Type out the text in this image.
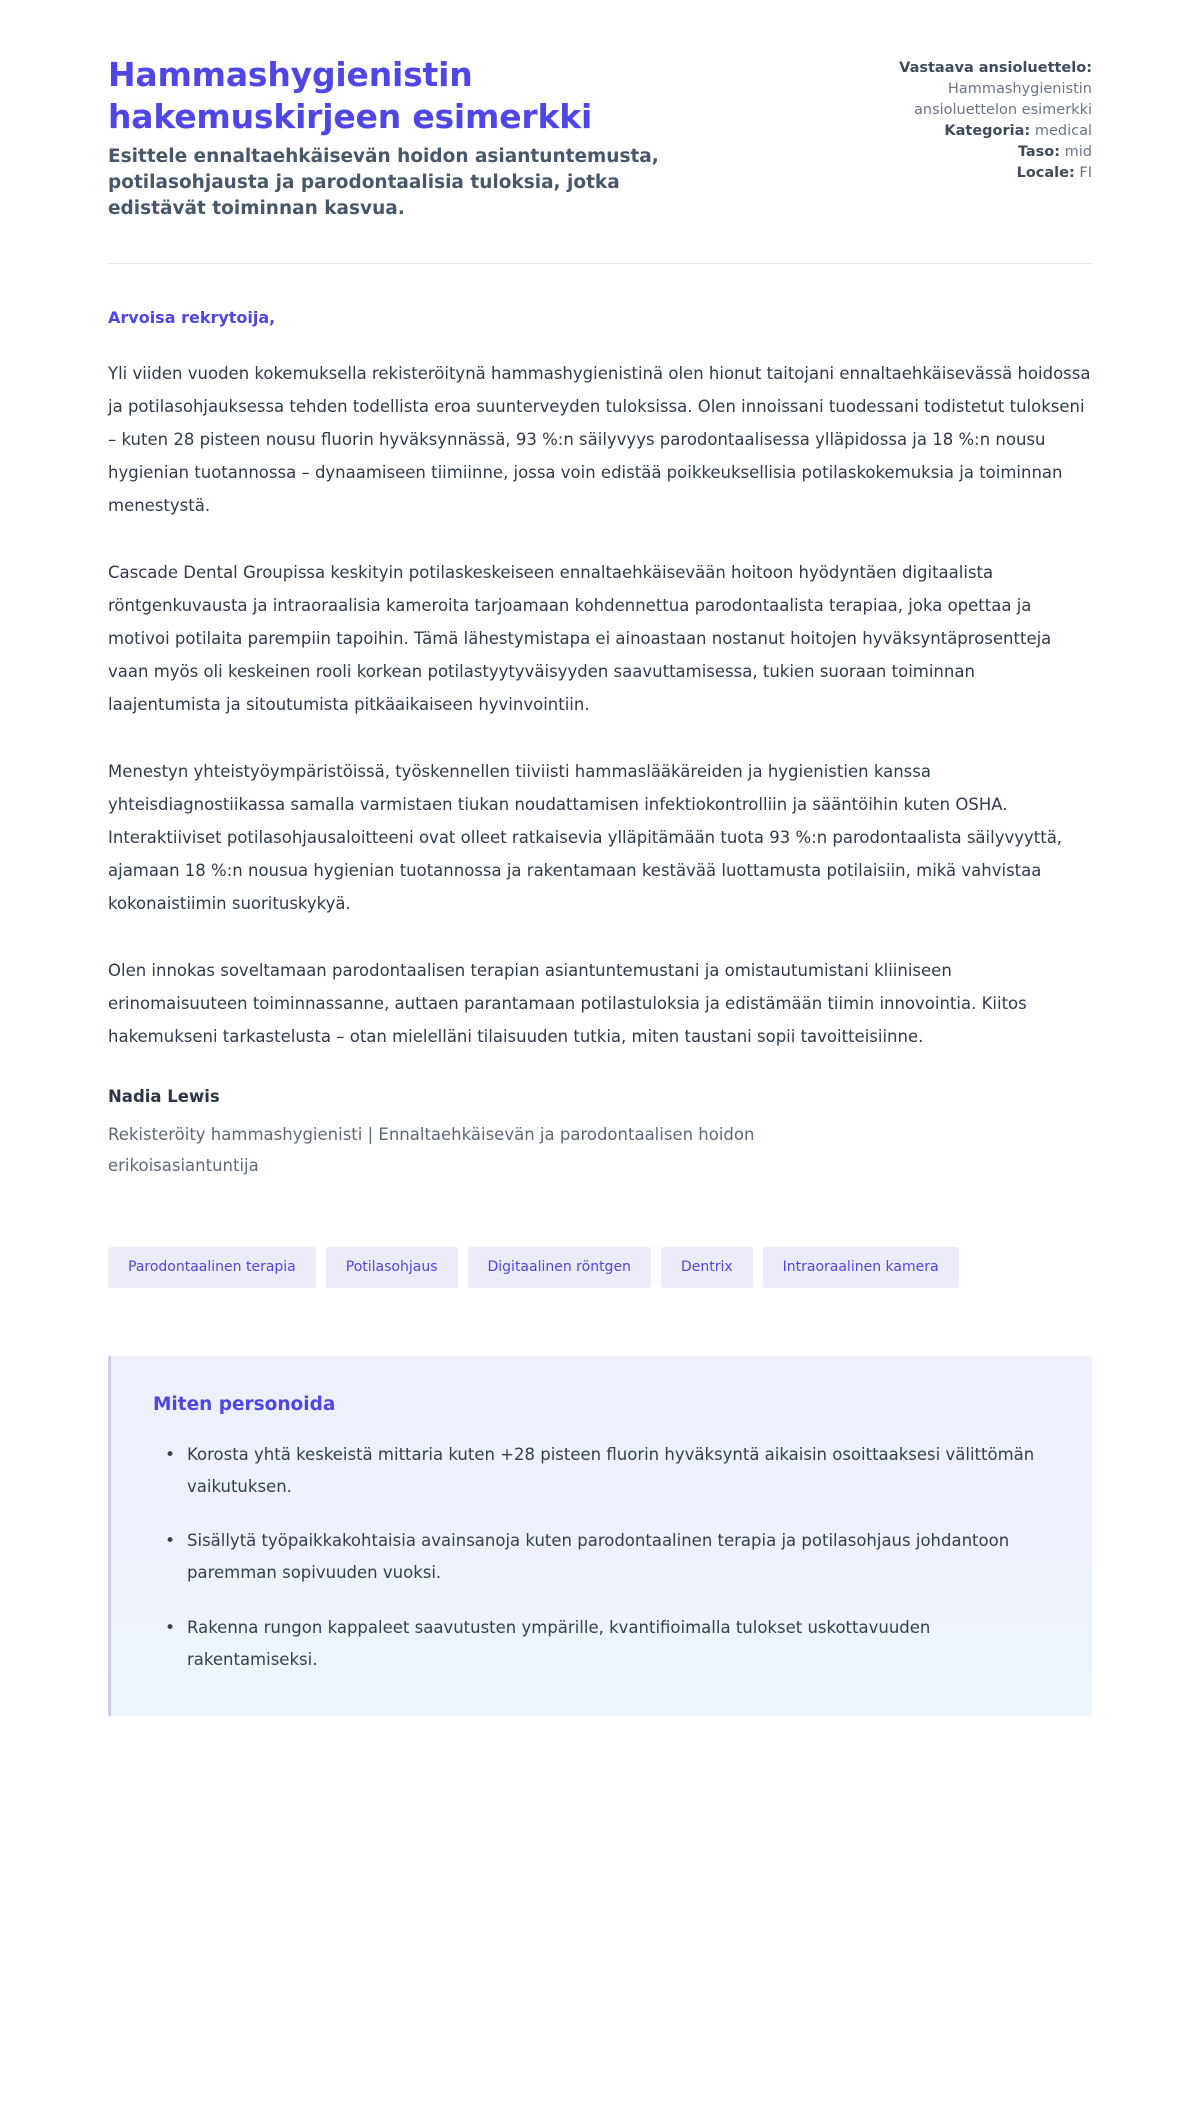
Hammashygienistin hakemuskirjeen esimerkki

Esittele ennaltaehkäisevän hoidon asiantuntemusta, potilasohjausta ja parodontaalisia tuloksia, jotka edistävät toiminnan kasvua.

Vastaava ansioluettelo:
Hammashygienistin ansioluettelon esimerkki
Kategoria: medical
Taso: mid
Locale: FI

Arvoisa rekrytoija,

Yli viiden vuoden kokemuksella rekisteröitynä hammashygienistinä olen hionut taitojani ennaltaehkäisevässä hoidossa ja potilasohjauksessa tehden todellista eroa suunterveyden tuloksissa. Olen innoissani tuodessani todistetut tulokseni – kuten 28 pisteen nousu fluorin hyväksynnässä, 93 %:n säilyvyys parodontaalisessa ylläpidossa ja 18 %:n nousu hygienian tuotannossa – dynaamiseen tiimiinne, jossa voin edistää poikkeuksellisia potilaskokemuksia ja toiminnan menestystä.

Cascade Dental Groupissa keskityin potilaskeskeiseen ennaltaehkäisevään hoitoon hyödyntäen digitaalista röntgenkuvausta ja intraoraalisia kameroita tarjoamaan kohdennettua parodontaalista terapiaa, joka opettaa ja motivoi potilaita parempiin tapoihin. Tämä lähestymistapa ei ainoastaan nostanut hoitojen hyväksyntäprosentteja vaan myös oli keskeinen rooli korkean potilastyytyväisyyden saavuttamisessa, tukien suoraan toiminnan laajentumista ja sitoutumista pitkäaikaiseen hyvinvointiin.

Menestyn yhteistyöympäristöissä, työskennellen tiiviisti hammaslääkäreiden ja hygienistien kanssa yhteisdiagnostiikassa samalla varmistaen tiukan noudattamisen infektiokontrolliin ja sääntöihin kuten OSHA. Interaktiiviset potilasohjausaloitteeni ovat olleet ratkaisevia ylläpitämään tuota 93 %:n parodontaalista säilyvyyttä, ajamaan 18 %:n nousua hygienian tuotannossa ja rakentamaan kestävää luottamusta potilaisiin, mikä vahvistaa kokonaistiimin suorituskykyä.

Olen innokas soveltamaan parodontaalisen terapian asiantuntemustani ja omistautumistani kliiniseen erinomaisuuteen toiminnassanne, auttaen parantamaan potilastuloksia ja edistämään tiimin innovointia. Kiitos hakemukseni tarkastelusta – otan mielelläni tilaisuuden tutkia, miten taustani sopii tavoitteisiinne.

Nadia Lewis

Rekisteröity hammashygienisti | Ennaltaehkäisevän ja parodontaalisen hoidon erikoisasiantuntija

Parodontaalinen terapia	Potilasohjaus	Digitaalinen röntgen	Dentrix	Intraoraalinen kamera
Miten personoida
• Korosta yhtä keskeistä mittaria kuten +28 pisteen fluorin hyväksyntä aikaisin osoittaaksesi välittömän vaikutuksen.
• Sisällytä työpaikkakohtaisia avainsanoja kuten parodontaalinen terapia ja potilasohjaus johdantoon paremman sopivuuden vuoksi.
• Rakenna rungon kappaleet saavutusten ympärille, kvantifioimalla tulokset uskottavuuden rakentamiseksi.
